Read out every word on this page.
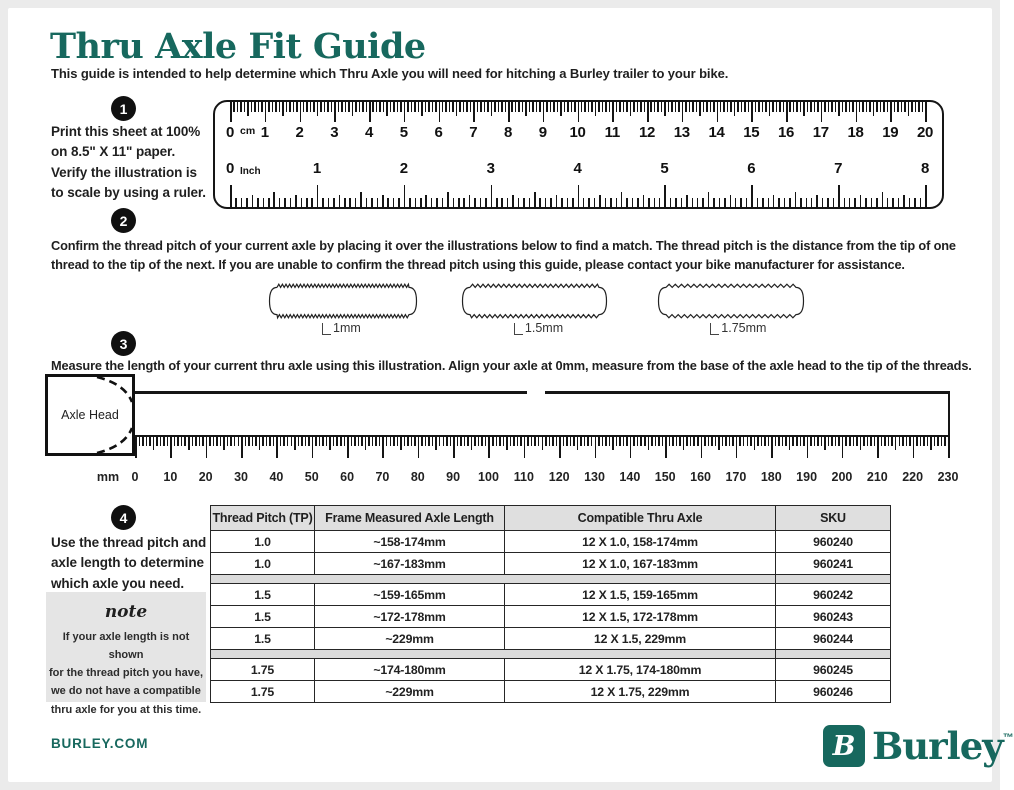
Thru Axle Fit Guide
This guide is intended to help determine which Thru Axle you will need for hitching a Burley trailer to your bike.
1
Print this sheet at 100%
on 8.5" X 11" paper.
Verify the illustration is
to scale by using a ruler.
0 1 2 3 4 5 6 7 8 9 10 11 12 13 14 15 16 17 18 19 20
cm
0	1	2	3	4	5	6	7	8
Inch
2
Confirm the thread pitch of your current axle by placing it over the illustrations below to find a match. The thread pitch is the distance from the tip of one thread to the tip of the next. If you are unable to confirm the thread pitch using this guide, please contact your bike manufacturer for assistance.
1mm	1.5mm	1.75mm
3
Measure the length of your current thru axle using this illustration. Align your axle at 0mm, measure from the base of the axle head to the tip of the threads.
Axle Head
0 10 20 30 40 50 60 70 80 90 100 110 120 130 140 150 160 170 180 190 200 210 220 230
mm
4
Use the thread pitch and
axle length to determine
which axle you need.
note
If your axle length is not shown
for the thread pitch you have,
we do not have a compatible
thru axle for you at this time.
Thread Pitch (TP)	Frame Measured Axle Length	Compatible Thru Axle	SKU
1.0	~158-174mm	12 X 1.0, 158-174mm	960240
1.0	~167-183mm	12 X 1.0, 167-183mm	960241

1.5	~159-165mm	12 X 1.5, 159-165mm	960242
1.5	~172-178mm	12 X 1.5, 172-178mm	960243
1.5	~229mm	12 X 1.5, 229mm	960244

1.75	~174-180mm	12 X 1.75, 174-180mm	960245
1.75	~229mm	12 X 1.75, 229mm	960246
BURLEY.COM	B Burley™
